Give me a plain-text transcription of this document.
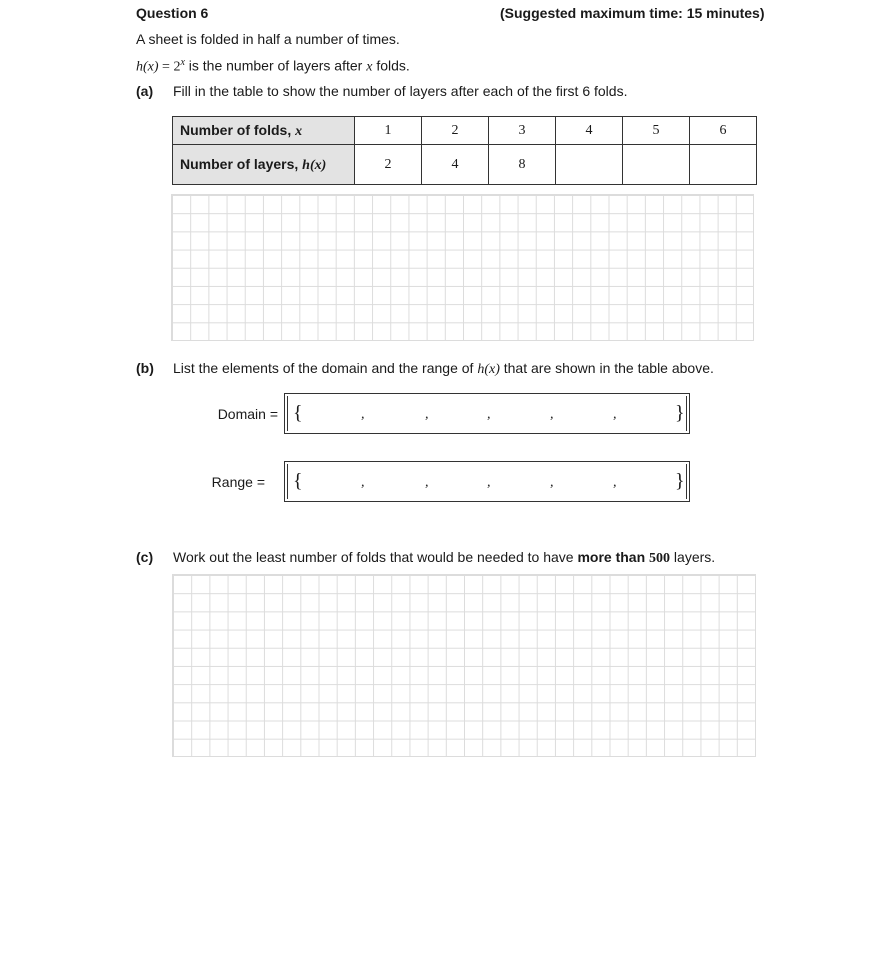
Question 6	(Suggested maximum time: 15 minutes)
A sheet is folded in half a number of times.
$h(x) = 2^x$ is the number of layers after x folds.
(a) Fill in the table to show the number of layers after each of the first 6 folds.
Number of folds, x	1	2	3	4	5	6
Number of layers, h(x)	2	4	8			
(b) List the elements of the domain and the range of h(x) that are shown in the table above.
Domain = {	,	,	,	,	,	}
Range = {	,	,	,	,	,	}
(c) Work out the least number of folds that would be needed to have more than 500 layers.
